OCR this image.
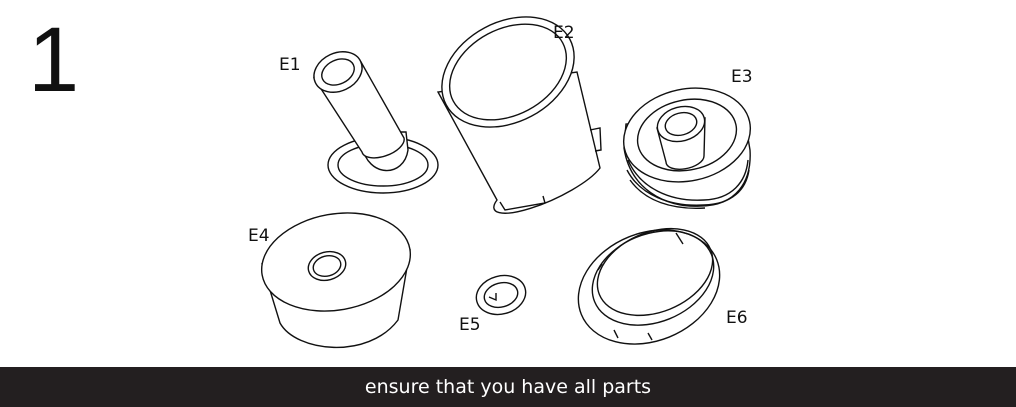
1	E1
E2
E3
E4
E5	E6
ensure that you have all parts
